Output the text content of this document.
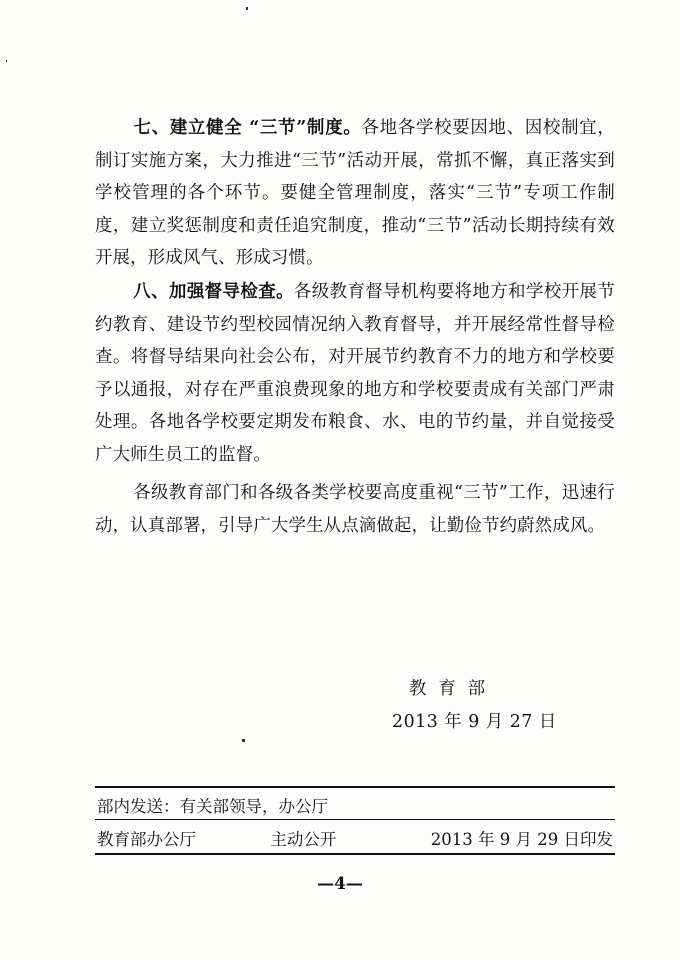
七、建立健全 “三节”制度。各地各学校要因地、因校制宜，制订实施方案，大力推进“三节”活动开展，常抓不懈，真正落实到学校管理的各个环节。要健全管理制度，落实“三节”专项工作制度，建立奖惩制度和责任追究制度，推动“三节”活动长期持续有效开展，形成风气、形成习惯。

八、加强督导检查。各级教育督导机构要将地方和学校开展节约教育、建设节约型校园情况纳入教育督导，并开展经常性督导检查。将督导结果向社会公布，对开展节约教育不力的地方和学校要予以通报，对存在严重浪费现象的地方和学校要责成有关部门严肃处理。各地各学校要定期发布粮食、水、电的节约量，并自觉接受广大师生员工的监督。

各级教育部门和各级各类学校要高度重视“三节”工作，迅速行动，认真部署，引导广大学生从点滴做起，让勤俭节约蔚然成风。

教育部
2013 年 9 月 27 日
部内发送：有关部领导，办公厅
教育部办公厅	主动公开	2013 年 9 月 29 日印发
—4—
